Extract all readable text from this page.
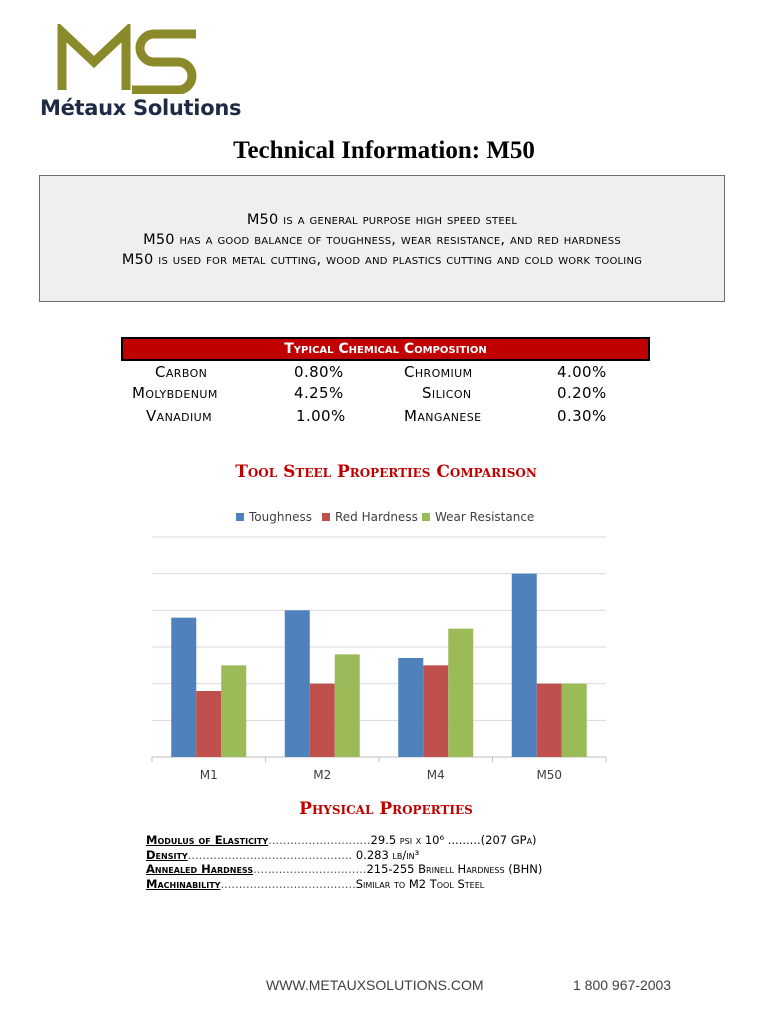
Métaux Solutions
Technical Information: M50
M50 is a general purpose high speed steel
M50 has a good balance of toughness, wear resistance, and red hardness
M50 is used for metal cutting, wood and plastics cutting and cold work tooling
Typical Chemical Composition
Carbon	0.80%	Chromium	4.00%
Molybdenum	4.25%	Silicon	0.20%
Vanadium	1.00%	Manganese	0.30%
Tool Steel Properties Comparison
Toughness Red Hardness Wear Resistance
M1	M2	M4	M50
Physical Properties
Modulus of Elasticity............................29.5 psi x 10⁶ .........(207 GPa)
Density............................................. 0.283 lb/in³
Annealed Hardness...............................215-255 Brinell Hardness (BHN)
Machinability.....................................Similar to M2 Tool Steel
WWW.METAUXSOLUTIONS.COM	1 800 967-2003
